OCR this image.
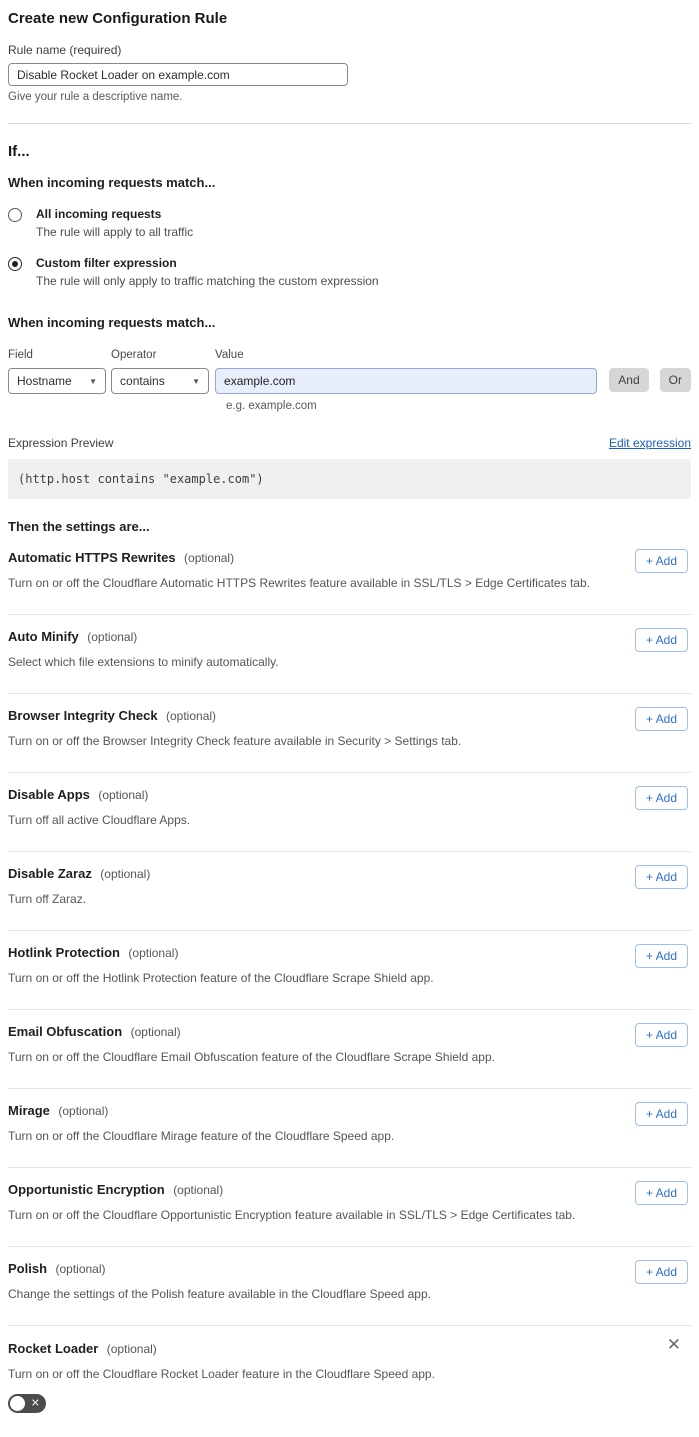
Create new Configuration Rule
Rule name (required)
Disable Rocket Loader on example.com
Give your rule a descriptive name.
If...
When incoming requests match...
All incoming requests
The rule will apply to all traffic
Custom filter expression
The rule will only apply to traffic matching the custom expression
When incoming requests match...
Field
Hostname ▼
Operator
contains	▼
Value
example.com
And	Or
e.g. example.com
Expression Preview	Edit expression
(http.host contains "example.com")
Then the settings are...
Automatic HTTPS Rewrites (optional)
Turn on or off the Cloudflare Automatic HTTPS Rewrites feature available in SSL/TLS > Edge Certificates tab.
+ Add
Auto Minify (optional)
Select which file extensions to minify automatically.
+ Add
Browser Integrity Check (optional)
Turn on or off the Browser Integrity Check feature available in Security > Settings tab.
+ Add
Disable Apps (optional)
Turn off all active Cloudflare Apps.
+ Add
Disable Zaraz (optional)
Turn off Zaraz.
+ Add
Hotlink Protection (optional)
Turn on or off the Hotlink Protection feature of the Cloudflare Scrape Shield app.
+ Add
Email Obfuscation (optional)
Turn on or off the Cloudflare Email Obfuscation feature of the Cloudflare Scrape Shield app.
+ Add
Mirage (optional)
Turn on or off the Cloudflare Mirage feature of the Cloudflare Speed app.
+ Add
Opportunistic Encryption (optional)
Turn on or off the Cloudflare Opportunistic Encryption feature available in SSL/TLS > Edge Certificates tab.
+ Add
Polish (optional)
Change the settings of the Polish feature available in the Cloudflare Speed app.
+ Add
Rocket Loader (optional)	✕
Turn on or off the Cloudflare Rocket Loader feature in the Cloudflare Speed app.
✕
